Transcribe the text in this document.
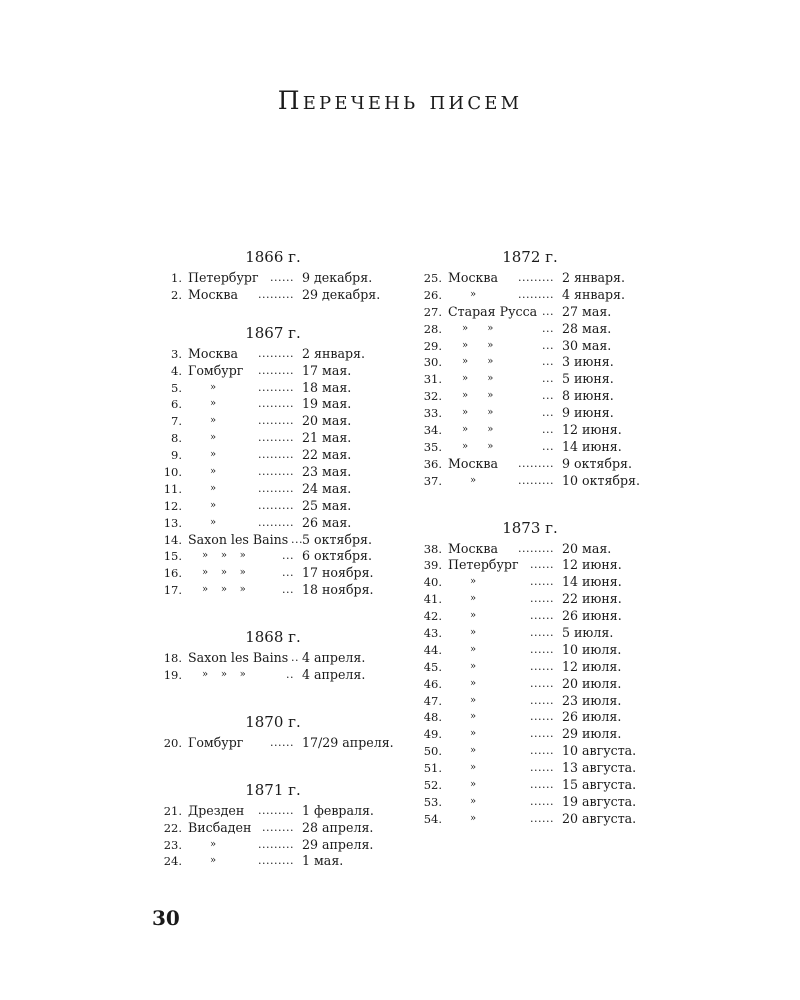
Перечень писем
1866 г.
1. Петербург ...... 9 декабря.
2. Москва ......... 29 декабря.
1867 г.
3. Москва ......... 2 января.
4. Гомбург ......... 17 мая.
5.	»	......... 18 мая.
6.	»	......... 19 мая.
7.	»	......... 20 мая.
8.	»	......... 21 мая.
9.	»	......... 22 мая.
10.	»	......... 23 мая.
11.	»	......... 24 мая.
12.	»	......... 25 мая.
13.	»	......... 26 мая.
14. Saxon les Bains ... 5 октября.
15. »    »    »	... 6 октября.
16. »    »    »	... 17 ноября.
17. »    »    »	... 18 ноября.
1868 г.
18. Saxon les Bains .. 4 апреля.
19. »    »    »	.. 4 апреля.
1870 г.
20. Гомбург ...... 17/29 апреля.
1871 г.
21. Дрезден ......... 1 февраля.
22. Висбаден ........ 28 апреля.
23.	»	......... 29 апреля.
24.	»	......... 1 мая.
1872 г.
25. Москва ......... 2 января.
26.	»	......... 4 января.
27. Старая Русса ... 27 мая.
28. »      »	... 28 мая.
29. »      »	... 30 мая.
30. »      »	... 3 июня.
31. »      »	... 5 июня.
32. »      »	... 8 июня.
33. »      »	... 9 июня.
34. »      »	... 12 июня.
35. »      »	... 14 июня.
36. Москва ......... 9 октября.
37.	»	......... 10 октября.
1873 г.
38. Москва ......... 20 мая.
39. Петербург ...... 12 июня.
40.	»	...... 14 июня.
41.	»	...... 22 июня.
42.	»	...... 26 июня.
43.	»	...... 5 июля.
44.	»	...... 10 июля.
45.	»	...... 12 июля.
46.	»	...... 20 июля.
47.	»	...... 23 июля.
48.	»	...... 26 июля.
49.	»	...... 29 июля.
50.	»	...... 10 августа.
51.	»	...... 13 августа.
52.	»	...... 15 августа.
53.	»	...... 19 августа.
54.	»	...... 20 августа.
30
